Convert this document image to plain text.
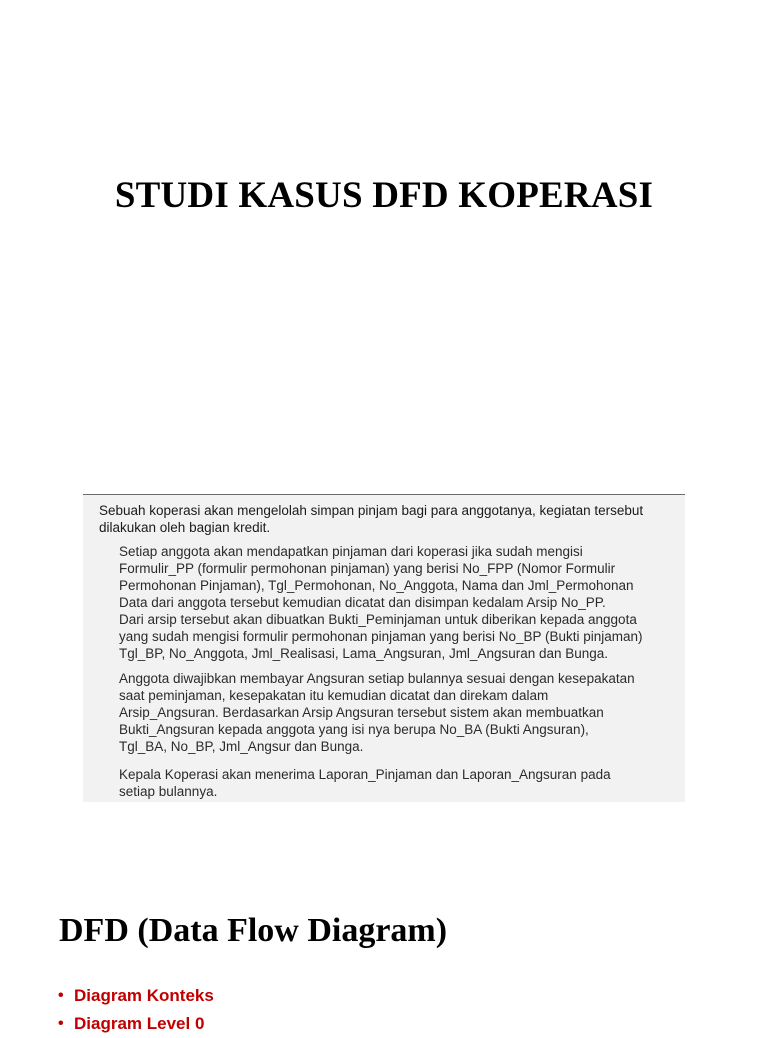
STUDI KASUS DFD KOPERASI

Sebuah koperasi akan mengelolah simpan pinjam bagi para anggotanya, kegiatan tersebut dilakukan oleh bagian kredit.

Setiap anggota akan mendapatkan pinjaman dari koperasi jika sudah mengisi
Formulir_PP (formulir permohonan pinjaman) yang berisi No_FPP (Nomor Formulir
Permohonan Pinjaman), Tgl_Permohonan, No_Anggota, Nama dan Jml_Permohonan
Data dari anggota tersebut kemudian dicatat dan disimpan kedalam Arsip No_PP.
Dari arsip tersebut akan dibuatkan Bukti_Peminjaman untuk diberikan kepada anggota
yang sudah mengisi formulir permohonan pinjaman yang berisi No_BP (Bukti pinjaman)
Tgl_BP, No_Anggota, Jml_Realisasi, Lama_Angsuran, Jml_Angsuran dan Bunga.
Anggota diwajibkan membayar Angsuran setiap bulannya sesuai dengan kesepakatan
saat peminjaman, kesepakatan itu kemudian dicatat dan direkam dalam
Arsip_Angsuran. Berdasarkan Arsip Angsuran tersebut sistem akan membuatkan
Bukti_Angsuran kepada anggota yang isi nya berupa No_BA (Bukti Angsuran),
Tgl_BA, No_BP, Jml_Angsur dan Bunga.
Kepala Koperasi akan menerima Laporan_Pinjaman dan Laporan_Angsuran pada
setiap bulannya.
DFD (Data Flow Diagram)
• Diagram Konteks
• Diagram Level 0
